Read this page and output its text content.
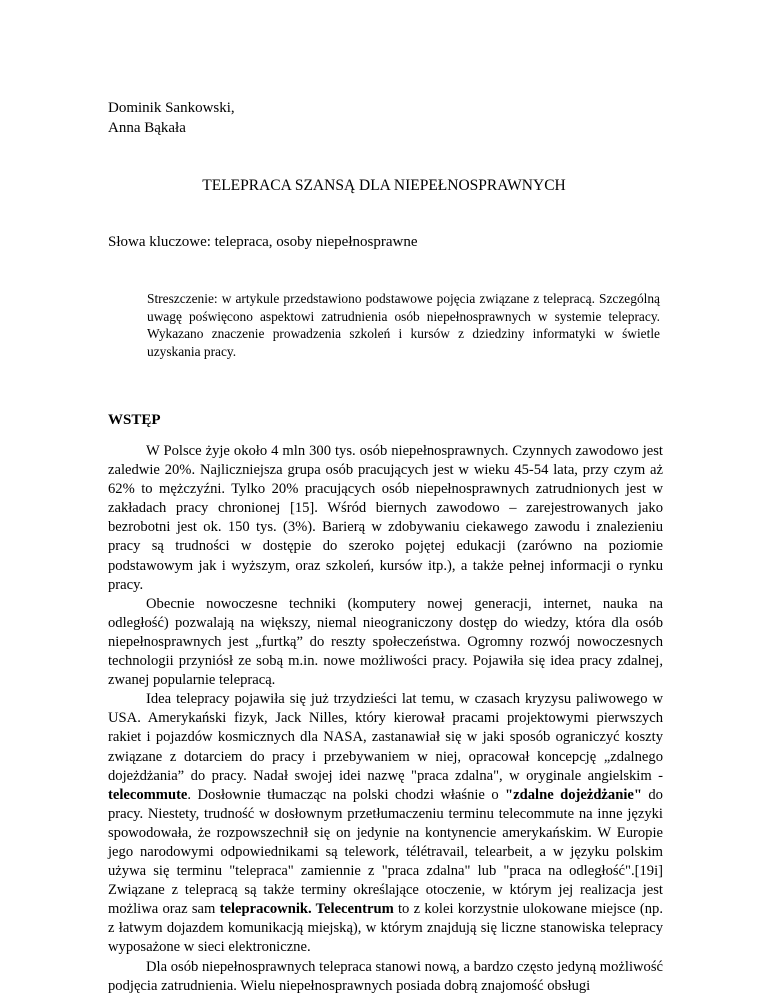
Dominik Sankowski,
Anna Bąkała
TELEPRACA SZANSĄ DLA NIEPEŁNOSPRAWNYCH
Słowa kluczowe: telepraca, osoby niepełnosprawne
Streszczenie: w artykule przedstawiono podstawowe pojęcia związane z telepracą. Szczególną uwagę poświęcono aspektowi zatrudnienia osób niepełnosprawnych w systemie telepracy. Wykazano znaczenie prowadzenia szkoleń i kursów z dziedziny informatyki w świetle uzyskania pracy.
WSTĘP

W Polsce żyje około 4 mln 300 tys. osób niepełnosprawnych. Czynnych zawodowo jest zaledwie 20%. Najliczniejsza grupa osób pracujących jest w wieku 45-54 lata, przy czym aż 62% to mężczyźni. Tylko 20% pracujących osób niepełnosprawnych zatrudnionych jest w zakładach pracy chronionej [15]. Wśród biernych zawodowo – zarejestrowanych jako bezrobotni jest ok. 150 tys. (3%). Barierą w zdobywaniu ciekawego zawodu i znalezieniu pracy są trudności w dostępie do szeroko pojętej edukacji (zarówno na poziomie podstawowym jak i wyższym, oraz szkoleń, kursów itp.), a także pełnej informacji o rynku pracy.

Obecnie nowoczesne techniki (komputery nowej generacji, internet, nauka na odległość) pozwalają na większy, niemal nieograniczony dostęp do wiedzy, która dla osób niepełnosprawnych jest „furtką” do reszty społeczeństwa. Ogromny rozwój nowoczesnych technologii przyniósł ze sobą m.in. nowe możliwości pracy. Pojawiła się idea pracy zdalnej, zwanej popularnie telepracą.

Idea telepracy pojawiła się już trzydzieści lat temu, w czasach kryzysu paliwowego w USA. Amerykański fizyk, Jack Nilles, który kierował pracami projektowymi pierwszych rakiet i pojazdów kosmicznych dla NASA, zastanawiał się w jaki sposób ograniczyć koszty związane z dotarciem do pracy i przebywaniem w niej, opracował koncepcję „zdalnego dojeżdżania” do pracy. Nadał swojej idei nazwę "praca zdalna", w oryginale angielskim - telecommute. Dosłownie tłumacząc na polski chodzi właśnie o "zdalne dojeżdżanie" do pracy. Niestety, trudność w dosłownym przetłumaczeniu terminu telecommute na inne języki spowodowała, że rozpowszechnił się on jedynie na kontynencie amerykańskim. W Europie jego narodowymi odpowiednikami są telework, télétravail, telearbeit, a w języku polskim używa się terminu "telepraca" zamiennie z "praca zdalna" lub "praca na odległość".[19i] Związane z telepracą są także terminy określające otoczenie, w którym jej realizacja jest możliwa oraz sam telepracownik. Telecentrum to z kolei korzystnie ulokowane miejsce (np. z łatwym dojazdem komunikacją miejską), w którym znajdują się liczne stanowiska telepracy wyposażone w sieci elektroniczne.

Dla osób niepełnosprawnych telepraca stanowi nową, a bardzo często jedyną możliwość podjęcia zatrudnienia. Wielu niepełnosprawnych posiada dobrą znajomość obsługi
